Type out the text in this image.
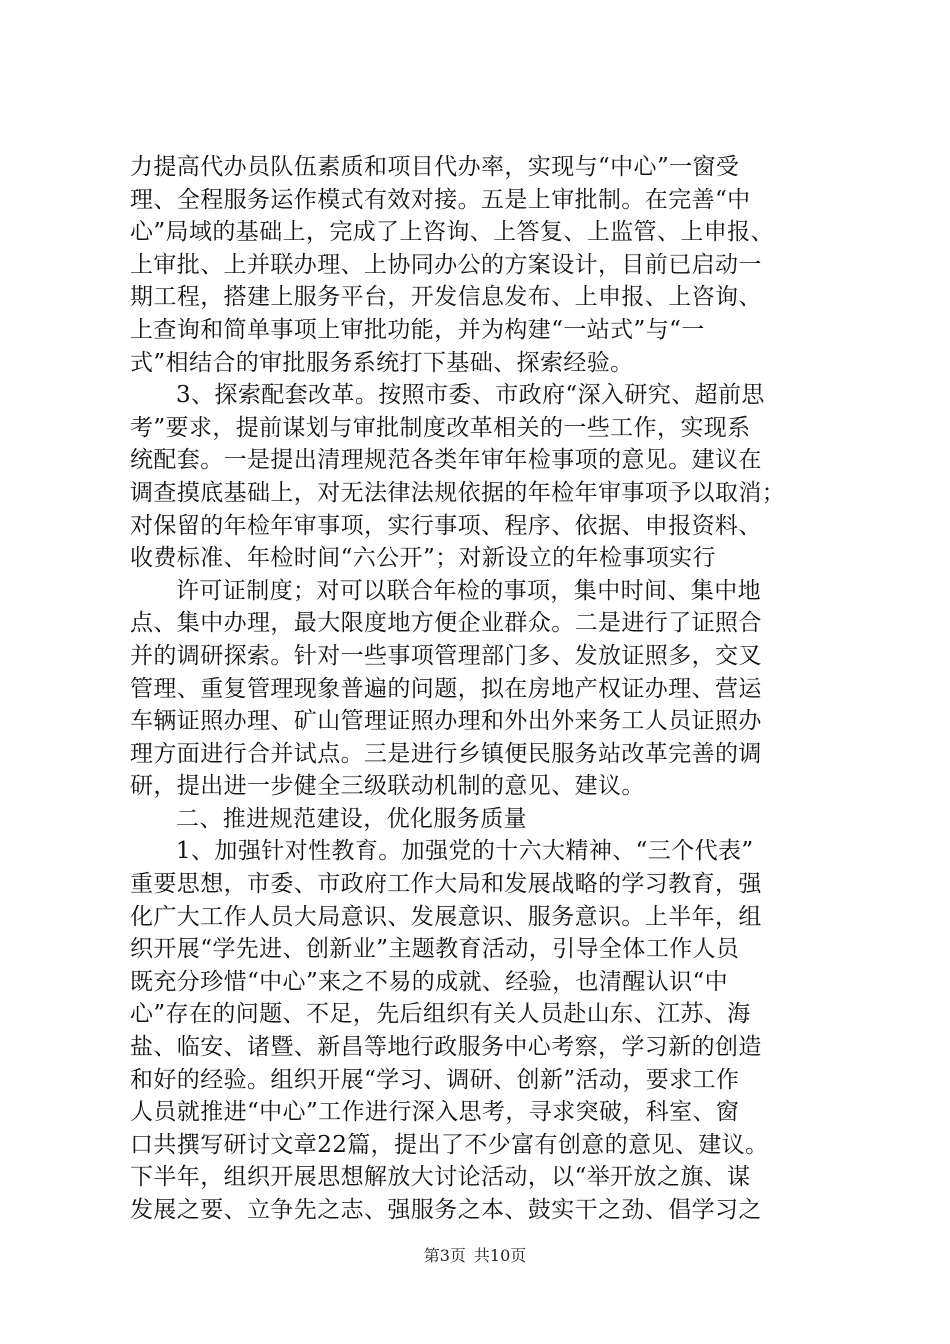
力提高代办员队伍素质和项目代办率，实现与“中心”一窗受
理、全程服务运作模式有效对接。五是上审批制。在完善“中
心”局域的基础上，完成了上咨询、上答复、上监管、上申报、
上审批、上并联办理、上协同办公的方案设计，目前已启动一
期工程，搭建上服务平台，开发信息发布、上申报、上咨询、
上查询和简单事项上审批功能，并为构建“一站式”与“一
式”相结合的审批服务系统打下基础、探索经验。
3、探索配套改革。按照市委、市政府“深入研究、超前思
考”要求，提前谋划与审批制度改革相关的一些工作，实现系
统配套。一是提出清理规范各类年审年检事项的意见。建议在
调查摸底基础上，对无法律法规依据的年检年审事项予以取消；
对保留的年检年审事项，实行事项、程序、依据、申报资料、
收费标准、年检时间“六公开”；对新设立的年检事项实行
许可证制度；对可以联合年检的事项，集中时间、集中地
点、集中办理，最大限度地方便企业群众。二是进行了证照合
并的调研探索。针对一些事项管理部门多、发放证照多，交叉
管理、重复管理现象普遍的问题，拟在房地产权证办理、营运
车辆证照办理、矿山管理证照办理和外出外来务工人员证照办
理方面进行合并试点。三是进行乡镇便民服务站改革完善的调
研，提出进一步健全三级联动机制的意见、建议。
二、推进规范建设，优化服务质量
1、加强针对性教育。加强党的十六大精神、“三个代表”
重要思想，市委、市政府工作大局和发展战略的学习教育，强
化广大工作人员大局意识、发展意识、服务意识。上半年，组
织开展“学先进、创新业”主题教育活动，引导全体工作人员
既充分珍惜“中心”来之不易的成就、经验，也清醒认识“中
心”存在的问题、不足，先后组织有关人员赴山东、江苏、海
盐、临安、诸暨、新昌等地行政服务中心考察，学习新的创造
和好的经验。组织开展“学习、调研、创新”活动，要求工作
人员就推进“中心”工作进行深入思考，寻求突破，科室、窗
口共撰写研讨文章22篇，提出了不少富有创意的意见、建议。
下半年，组织开展思想解放大讨论活动，以“举开放之旗、谋
发展之要、立争先之志、强服务之本、鼓实干之劲、倡学习之
第3页 共10页
